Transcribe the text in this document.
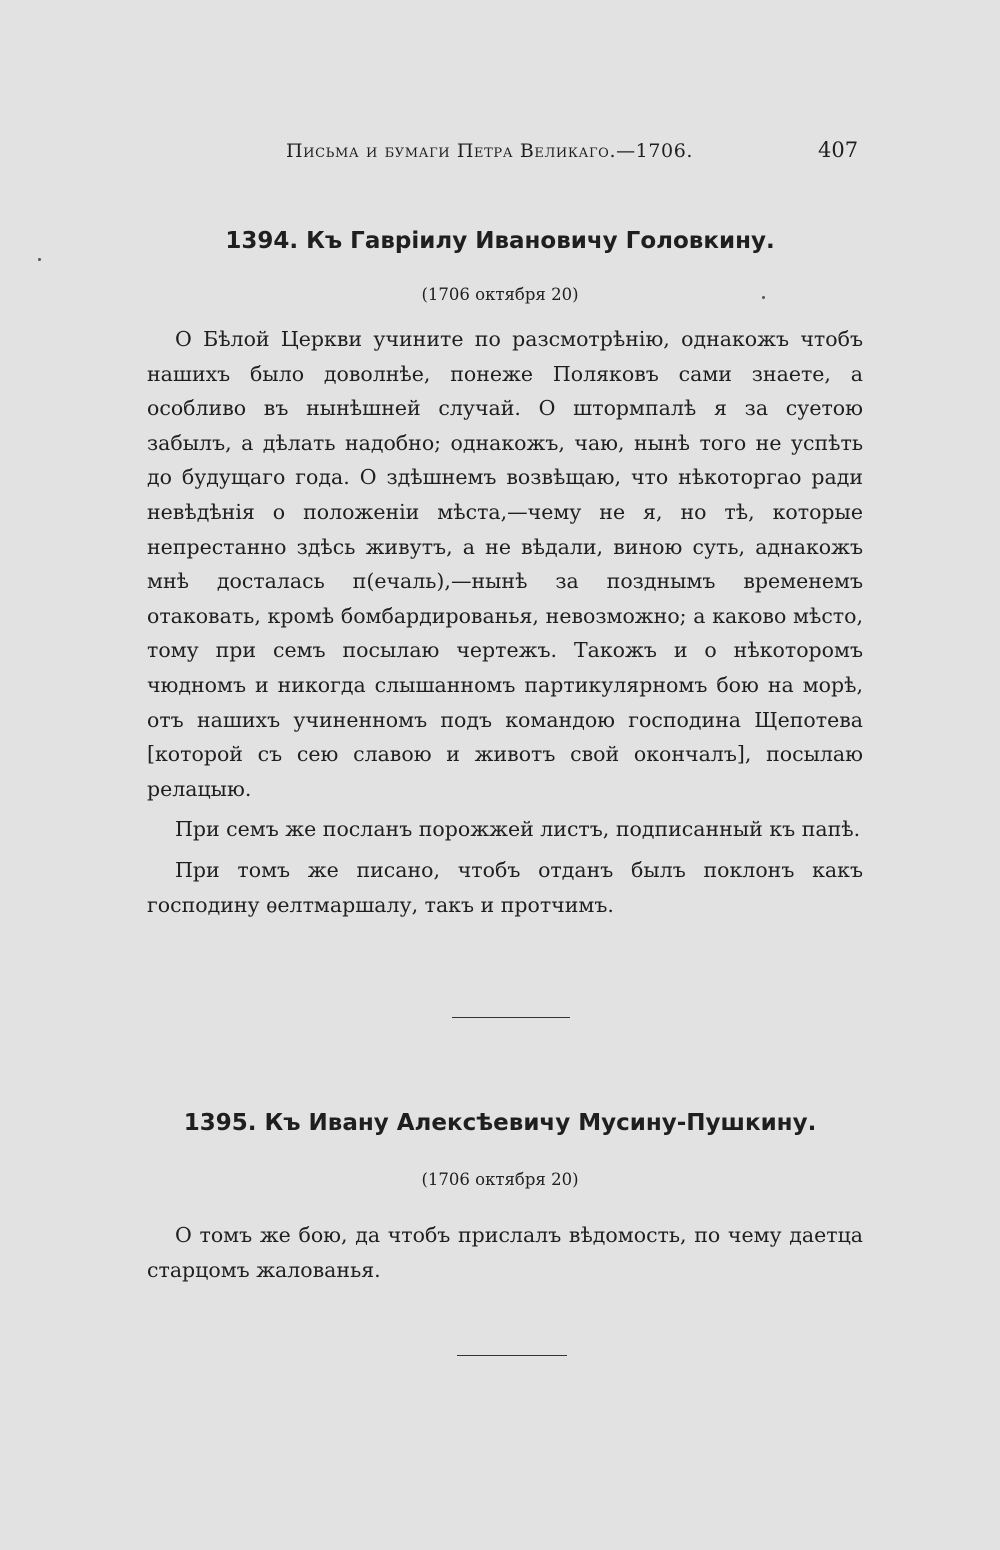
Письма и бумаги Петра Великаго.—1706.	407
1394. Къ Гавріилу Ивановичу Головкину.
(1706 октября 20)

О Бѣлой Церкви учините по разсмотрѣнію, однакожъ чтобъ нашихъ было доволнѣе, понеже Поляковъ сами знаете, а особливо въ нынѣшней случай. О штормпалѣ я за суетою забылъ, а дѣлать надобно; однакожъ, чаю, нынѣ того не успѣть до будущаго года. О здѣшнемъ возвѣщаю, что нѣкоторгао ради невѣдѣнія о положеніи мѣста,—чему не я, но тѣ, которые непрестанно здѣсь живутъ, а не вѣдали, виною суть, аднакожъ мнѣ досталась п(ечаль),—нынѣ за позднымъ временемъ отаковать, кромѣ бомбардированья, невозможно; а каково мѣсто, тому при семъ посылаю чертежъ. Такожъ и о нѣкоторомъ чюдномъ и никогда слышанномъ партикулярномъ бою на морѣ, отъ нашихъ учиненномъ подъ командою господина Щепотева [которой съ сею славою и животъ свой окончалъ], посылаю релацыю.

При семъ же посланъ порожжей листъ, подписанный къ папѣ.

При томъ же писано, чтобъ отданъ былъ поклонъ какъ господину ѳелтмаршалу, такъ и протчимъ.

1395. Къ Ивану Алексѣевичу Мусину-Пушкину.
(1706 октября 20)

О томъ же бою, да чтобъ прислалъ вѣдомость, по чему даетца старцомъ жалованья.
